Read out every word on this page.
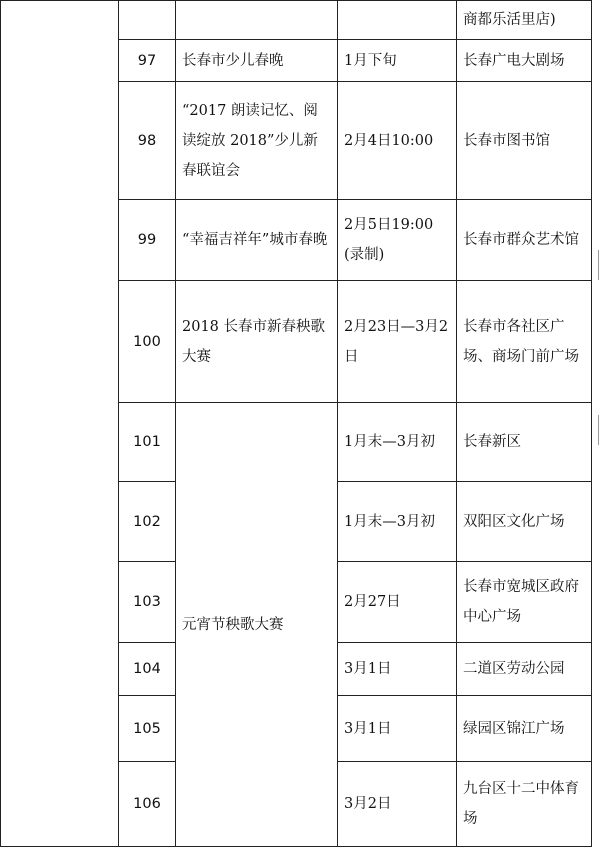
				商都乐活里店)
	97	长春市少儿春晚	1月下旬	长春广电大剧场
	98	“2017 朗读记忆、阅读绽放 2018”少儿新春联谊会	2月4日10:00	长春市图书馆
	99	“幸福吉祥年”城市春晚	2月5日19:00(录制)	长春市群众艺术馆
	100	2018 长春市新春秧歌大赛	2月23日—3月2日	长春市各社区广场、商场门前广场
	101	元宵节秧歌大赛	1月末—3月初	长春新区
	102		1月末—3月初	双阳区文化广场
	103		2月27日	长春市宽城区政府中心广场
	104		3月1日	二道区劳动公园
	105		3月1日	绿园区锦江广场
	106		3月2日	九台区十二中体育场
